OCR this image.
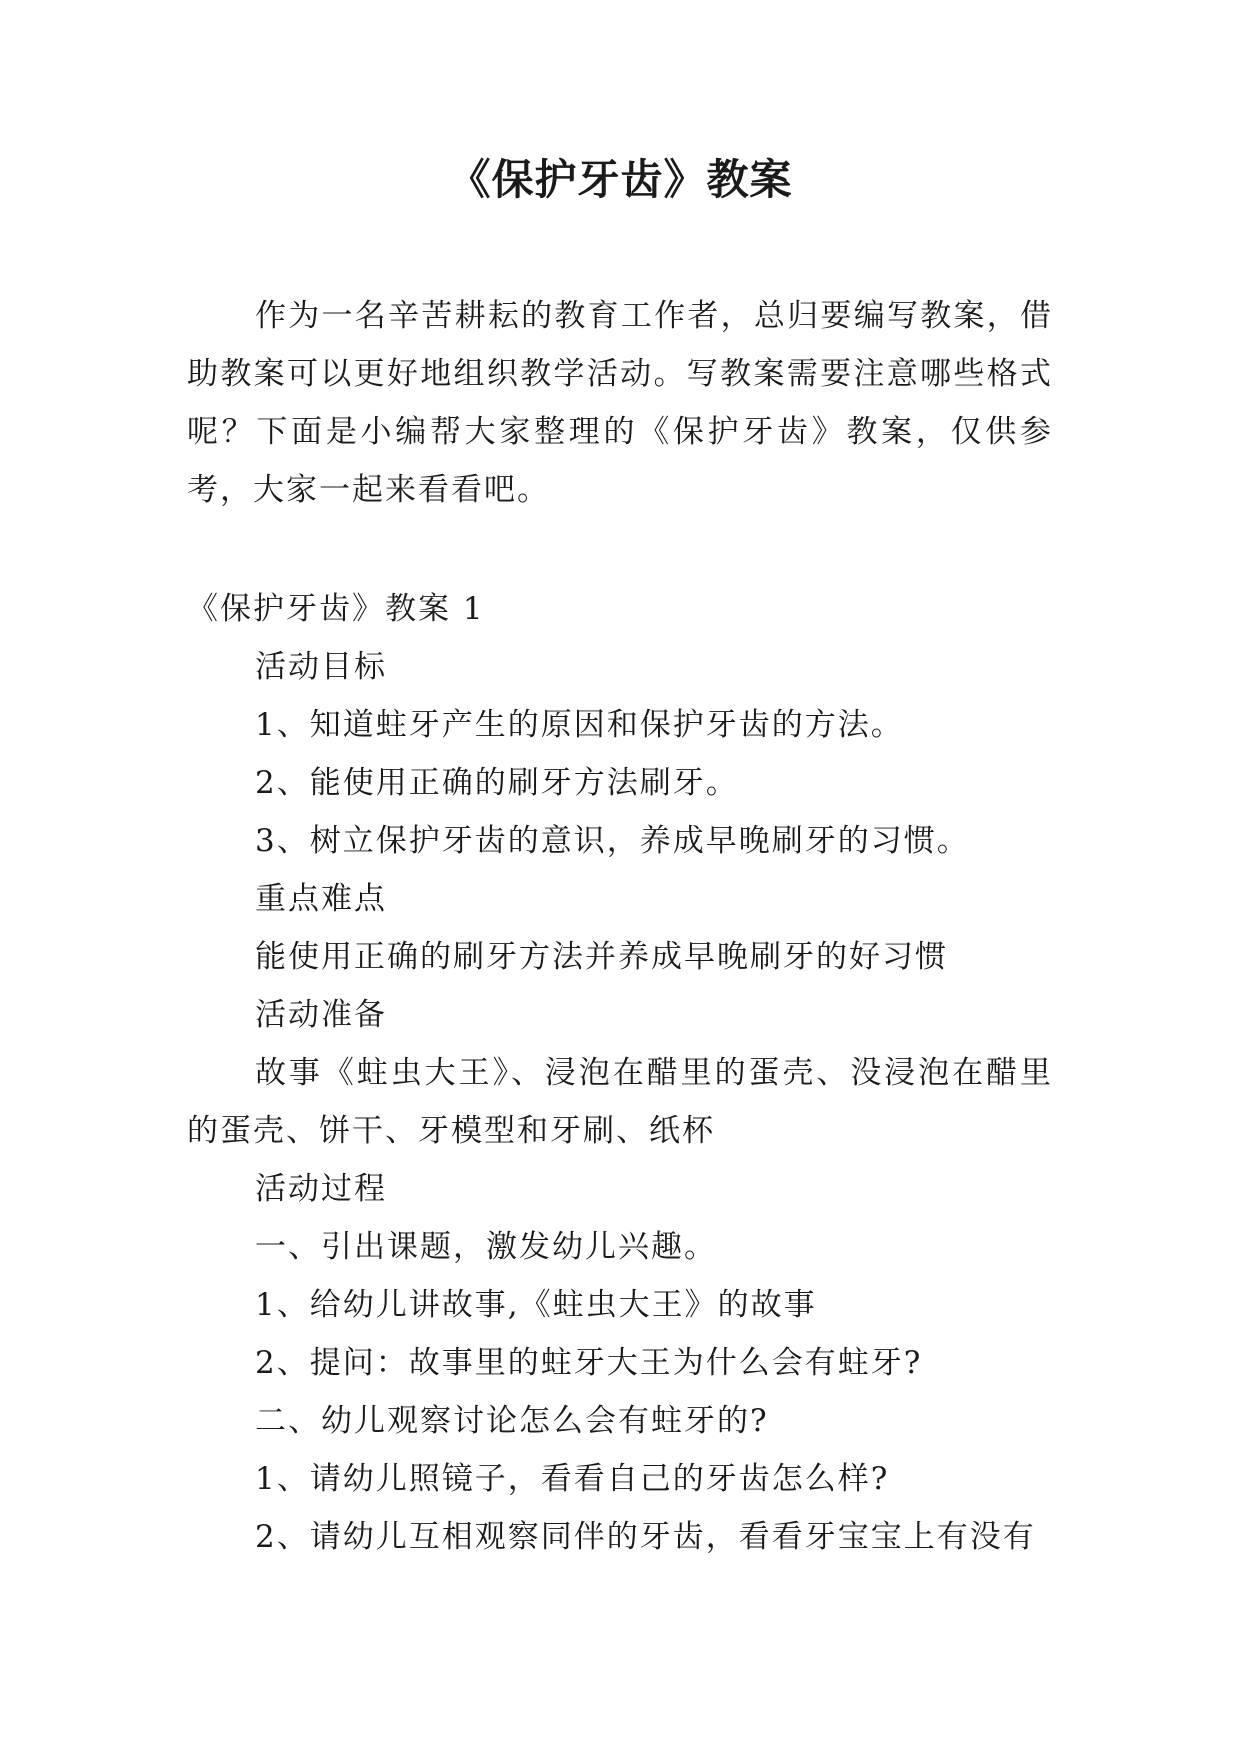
《保护牙齿》教案

作为一名辛苦耕耘的教育工作者，总归要编写教案，借助教案可以更好地组织教学活动。写教案需要注意哪些格式呢？下面是小编帮大家整理的《保护牙齿》教案，仅供参考，大家一起来看看吧。

《保护牙齿》教案 1

活动目标

1、知道蛀牙产生的原因和保护牙齿的方法。

2、能使用正确的刷牙方法刷牙。

3、树立保护牙齿的意识，养成早晚刷牙的习惯。

重点难点

能使用正确的刷牙方法并养成早晚刷牙的好习惯

活动准备

故事《蛀虫大王》、浸泡在醋里的蛋壳、没浸泡在醋里的蛋壳、饼干、牙模型和牙刷、纸杯

活动过程

一、引出课题，激发幼儿兴趣。

1、给幼儿讲故事,《蛀虫大王》的故事

2、提问：故事里的蛀牙大王为什么会有蛀牙?

二、幼儿观察讨论怎么会有蛀牙的?

1、请幼儿照镜子，看看自己的牙齿怎么样?

2、请幼儿互相观察同伴的牙齿，看看牙宝宝上有没有
